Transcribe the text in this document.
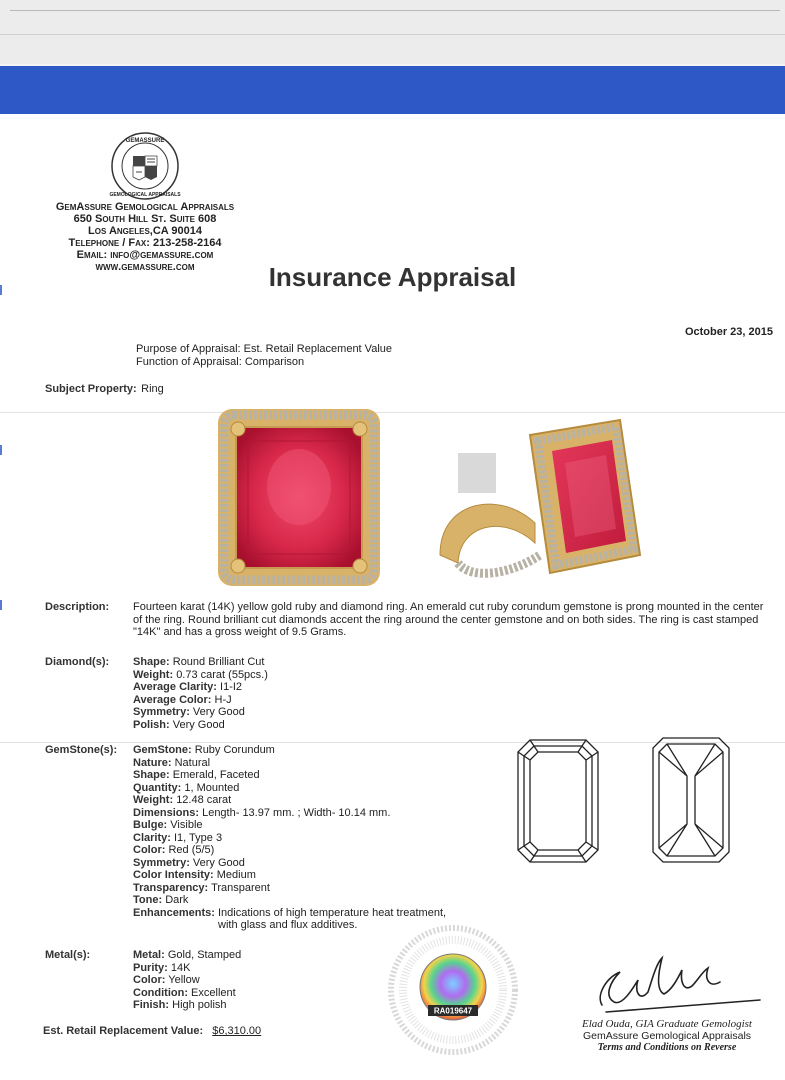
GEMASSURE
GEMOLOGICAL APPRAISALS
GemAssure Gemological Appraisals
650 South Hill St. Suite 608
Los Angeles,CA 90014
Telephone / Fax: 213-258-2164
Email: info@gemassure.com
www.gemassure.com	Insurance Appraisal
October 23, 2015
Purpose of Appraisal: Est. Retail Replacement Value
Function of Appraisal: Comparison
Subject Property: Ring
Description: Fourteen karat (14K) yellow gold ruby and diamond ring. An emerald cut ruby corundum gemstone is prong mounted in the center of the ring. Round brilliant cut diamonds accent the ring around the center gemstone and on both sides. The ring is cast stamped "14K" and has a gross weight of 9.5 Grams.
Diamond(s): Shape: Round Brilliant Cut
Weight: 0.73 carat (55pcs.)
Average Clarity: I1-I2
Average Color: H-J
Symmetry: Very Good
Polish: Very Good
GemStone(s): GemStone: Ruby Corundum
Nature: Natural
Shape: Emerald, Faceted
Quantity: 1, Mounted
Weight: 12.48 carat
Dimensions: Length- 13.97 mm. ; Width- 10.14 mm.
Bulge: Visible
Clarity: I1, Type 3
Color: Red (5/5)
Symmetry: Very Good
Color Intensity: Medium
Transparency: Transparent
Tone: Dark
Enhancements: Indications of high temperature heat treatment,
with glass and flux additives.
Metal(s):	Metal: Gold, Stamped
Purity: 14K
Color: Yellow
Condition: Excellent
Finish: High polish
Est. Retail Replacement Value: $6,310.00
RA019647
Elad Ouda, GIA Graduate Gemologist
GemAssure Gemological Appraisals
Terms and Conditions on Reverse
